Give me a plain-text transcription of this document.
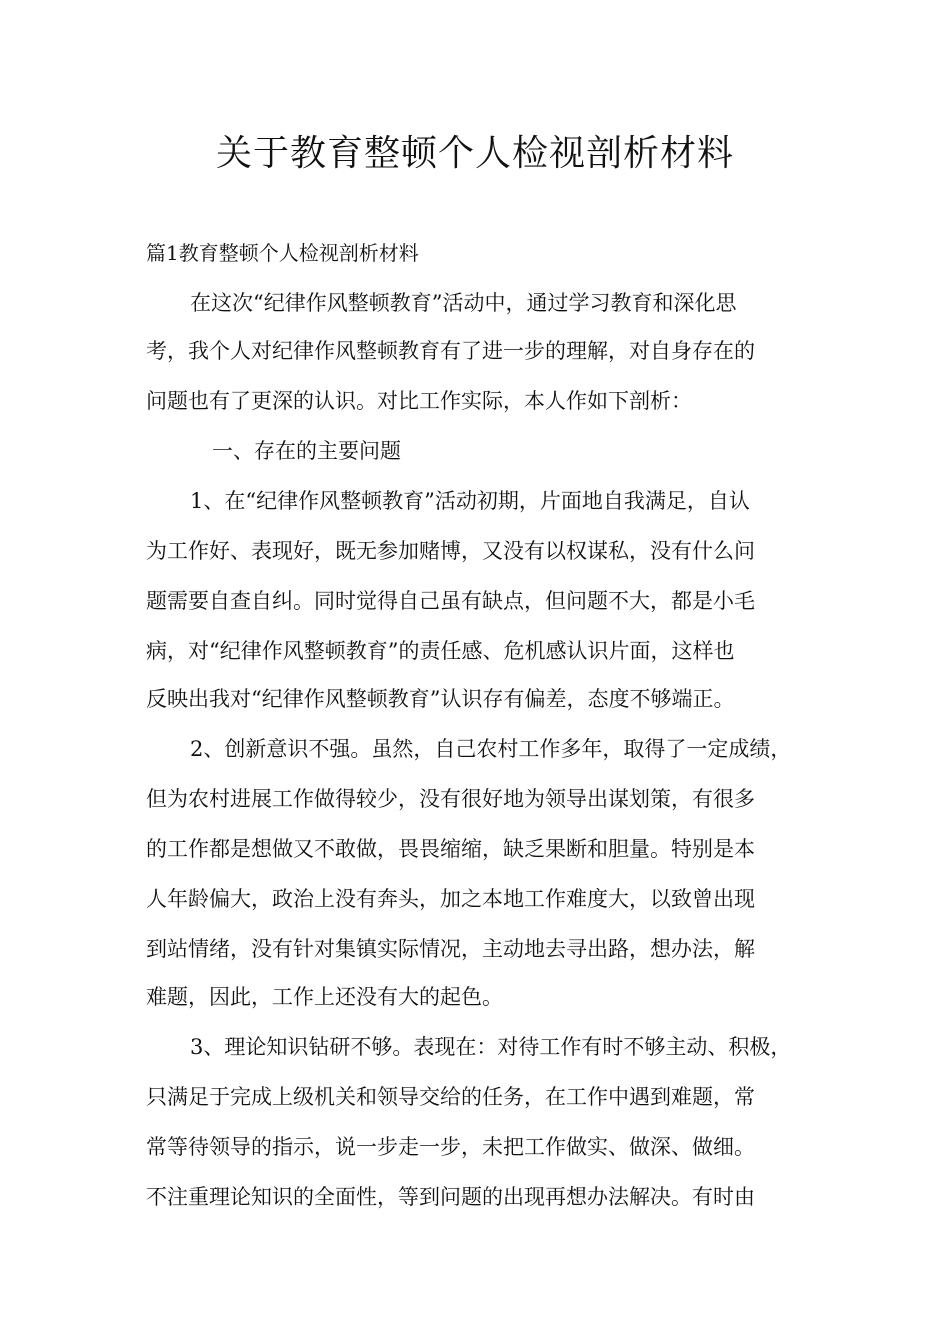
关于教育整顿个人检视剖析材料

篇1教育整顿个人检视剖析材料

在这次“纪律作风整顿教育”活动中，通过学习教育和深化思

考，我个人对纪律作风整顿教育有了进一步的理解，对自身存在的

问题也有了更深的认识。对比工作实际，本人作如下剖析：

一、存在的主要问题

1、在“纪律作风整顿教育”活动初期，片面地自我满足，自认

为工作好、表现好，既无参加赌博，又没有以权谋私，没有什么问

题需要自查自纠。同时觉得自己虽有缺点，但问题不大，都是小毛

病，对“纪律作风整顿教育”的责任感、危机感认识片面，这样也

反映出我对“纪律作风整顿教育”认识存有偏差，态度不够端正。

2、创新意识不强。虽然，自己农村工作多年，取得了一定成绩，

但为农村进展工作做得较少，没有很好地为领导出谋划策，有很多

的工作都是想做又不敢做，畏畏缩缩，缺乏果断和胆量。特别是本

人年龄偏大，政治上没有奔头，加之本地工作难度大，以致曾出现

到站情绪，没有针对集镇实际情况，主动地去寻出路，想办法，解

难题，因此，工作上还没有大的起色。

3、理论知识钻研不够。表现在：对待工作有时不够主动、积极，

只满足于完成上级机关和领导交给的任务，在工作中遇到难题，常

常等待领导的指示，说一步走一步，未把工作做实、做深、做细。

不注重理论知识的全面性，等到问题的出现再想办法解决。有时由
